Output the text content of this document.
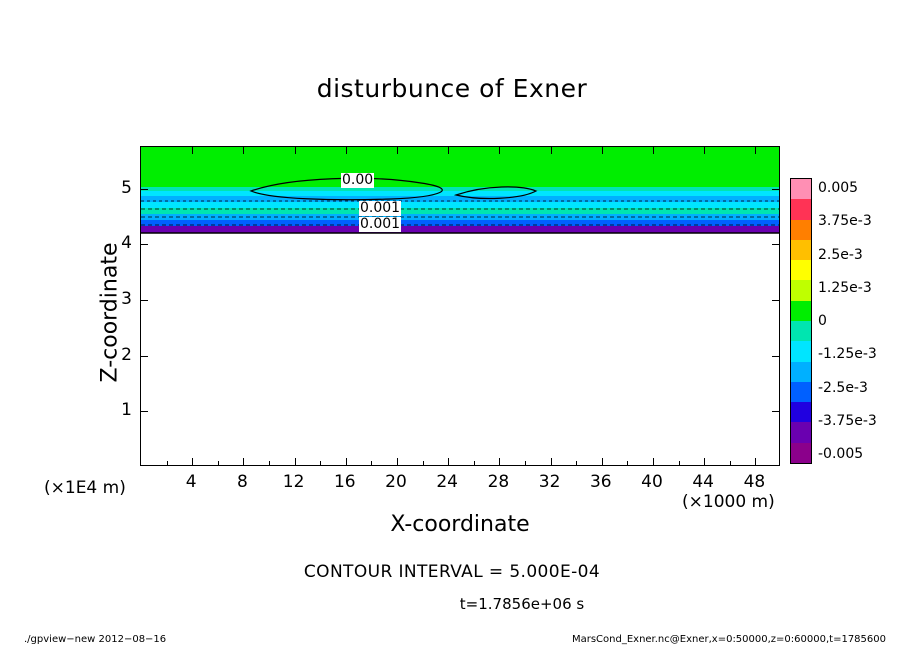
disturbunce of Exner
0.00
0.001
0.001
4 8 12 16 20 24 28 32 36 40 44 48
1
2
3
4
5
X-coordinate
Z-coordinate
(×1E4 m)
(×1000 m)
0.005
3.75e-3
2.5e-3
1.25e-3
0
-1.25e-3
-2.5e-3
-3.75e-3
-0.005
CONTOUR INTERVAL = 5.000E-04
t=1.7856e+06 s
./gpview−new 2012−08−16	MarsCond_Exner.nc@Exner,x=0:50000,z=0:60000,t=1785600
